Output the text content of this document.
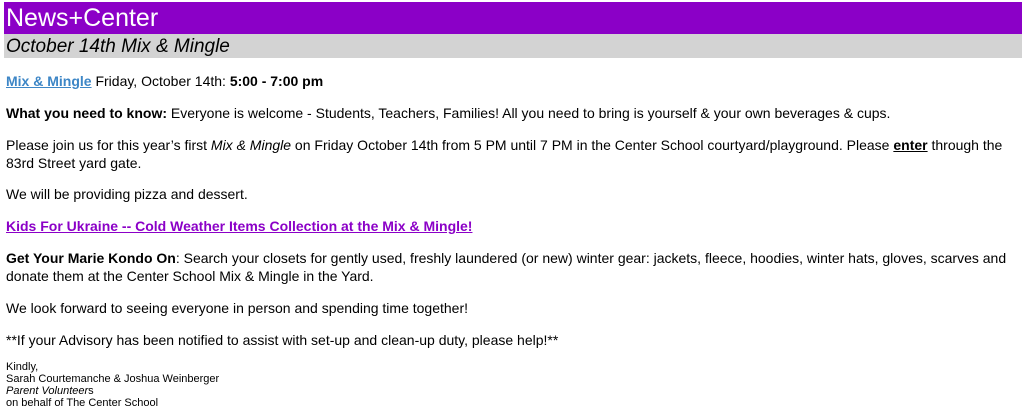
News+Center
October 14th Mix & Mingle

Mix & Mingle Friday, October 14th: 5:00 - 7:00 pm

What you need to know: Everyone is welcome - Students, Teachers, Families! All you need to bring is yourself & your own beverages & cups.

Please join us for this year’s first Mix & Mingle on Friday October 14th from 5 PM until 7 PM in the Center School courtyard/playground. Please enter through the 83rd Street yard gate.

We will be providing pizza and dessert.

Kids For Ukraine -- Cold Weather Items Collection at the Mix & Mingle!

Get Your Marie Kondo On: Search your closets for gently used, freshly laundered (or new) winter gear: jackets, fleece, hoodies, winter hats, gloves, scarves and donate them at the Center School Mix & Mingle in the Yard.

We look forward to seeing everyone in person and spending time together!

**If your Advisory has been notified to assist with set-up and clean-up duty, please help!**

Kindly,
Sarah Courtemanche & Joshua Weinberger
Parent Volunteers
on behalf of The Center School
